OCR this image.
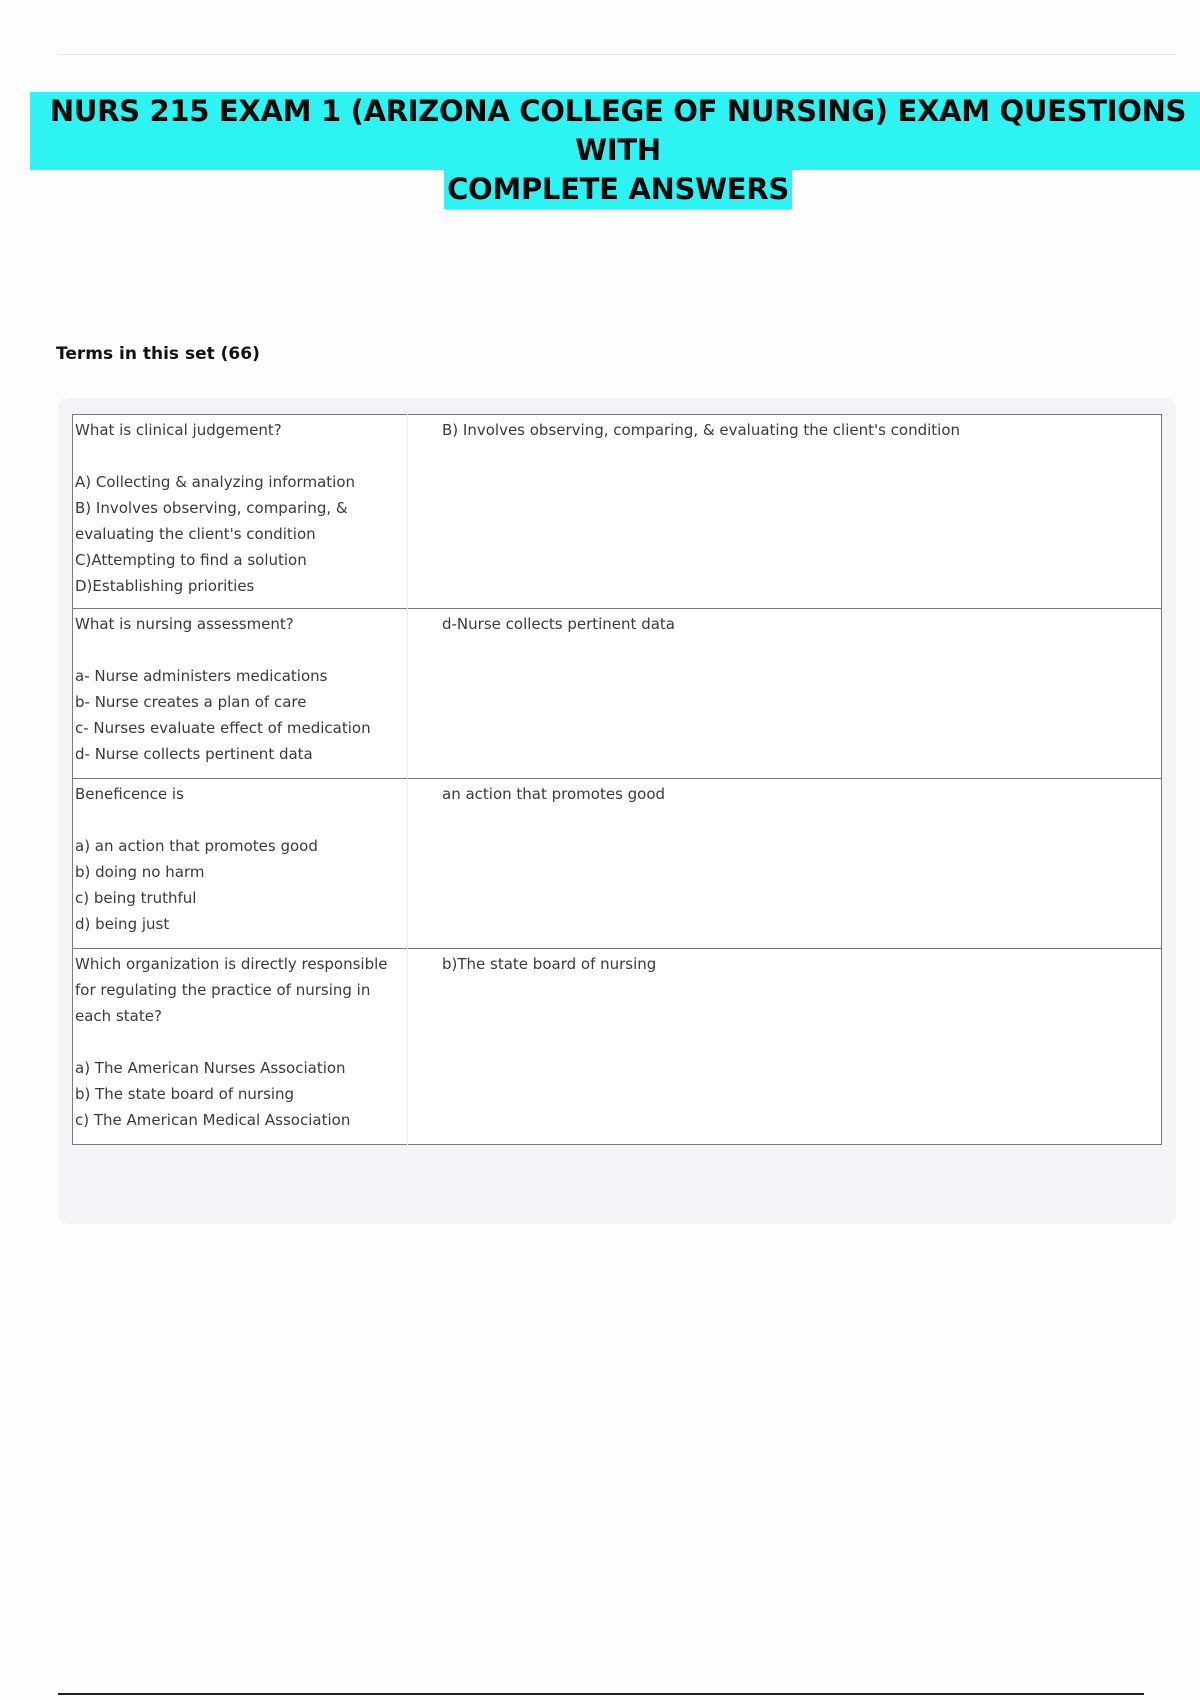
NURS 215 EXAM 1 (ARIZONA COLLEGE OF NURSING) EXAM QUESTIONS WITH
COMPLETE ANSWERS
Terms in this set (66)
What is clinical judgement?
A) Collecting & analyzing information
B) Involves observing, comparing, & evaluating the client's condition
C)Attempting to find a solution
D)Establishing priorities	B) Involves observing, comparing, & evaluating the client's condition

What is nursing assessment?
a- Nurse administers medications
b- Nurse creates a plan of care
c- Nurses evaluate effect of medication
d- Nurse collects pertinent data	d-Nurse collects pertinent data

Beneficence is
a) an action that promotes good
b) doing no harm
c) being truthful
d) being just	an action that promotes good

Which organization is directly responsible for regulating the practice of nursing in each state?
a) The American Nurses Association
b) The state board of nursing
c) The American Medical Association	b)The state board of nursing
